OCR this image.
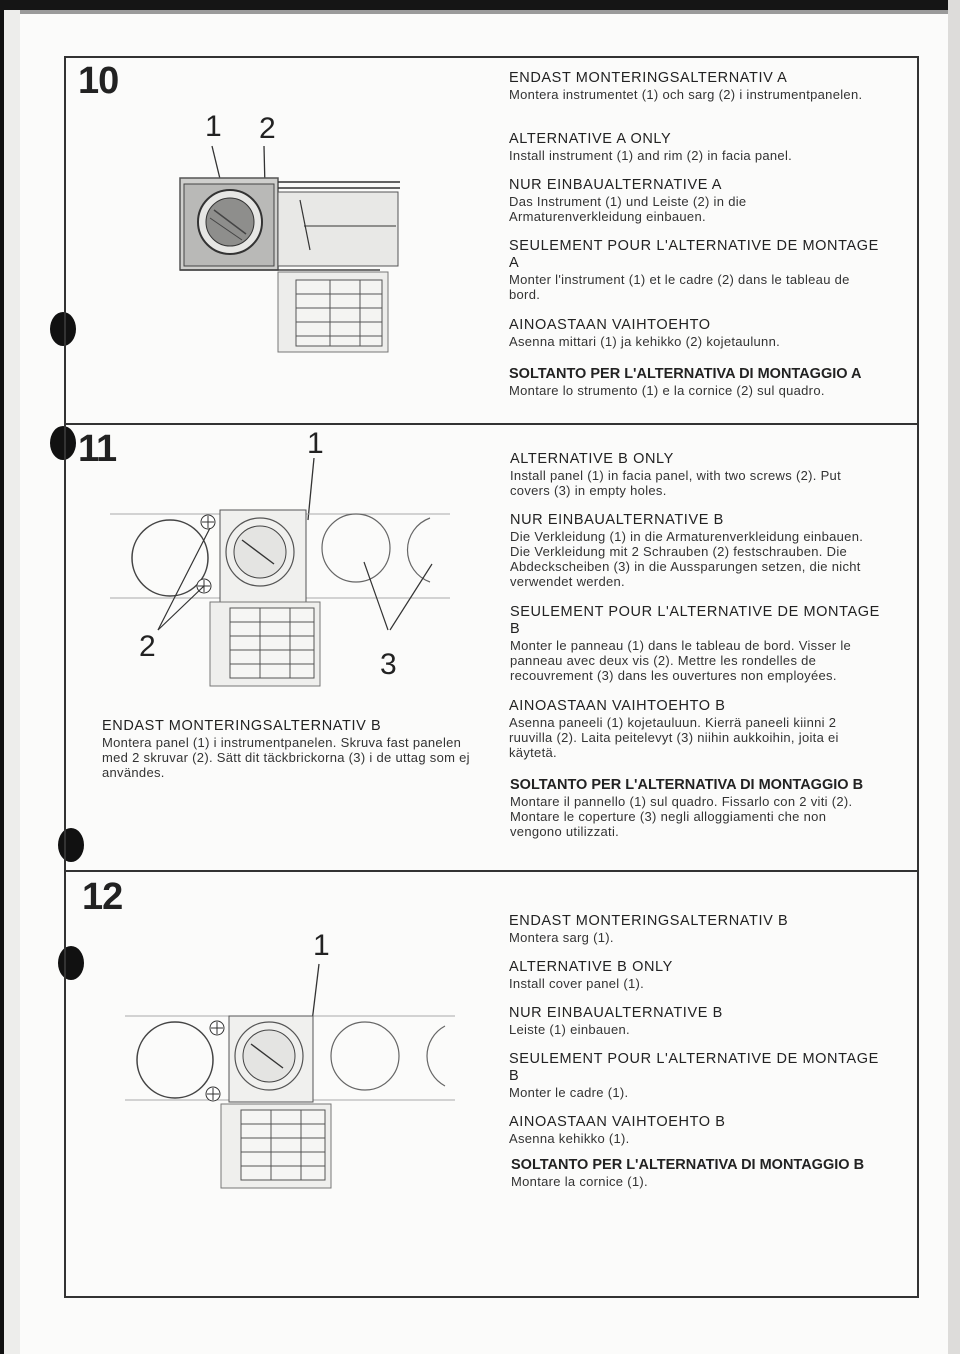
10
1 2
ENDAST MONTERINGSALTERNATIV A
Montera instrumentet (1) och sarg (2) i instrumentpanelen.
ALTERNATIVE A ONLY
Install instrument (1) and rim (2) in facia panel.
NUR EINBAUALTERNATIVE A
Das Instrument (1) und Leiste (2) in die Armaturenverkleidung einbauen.
SEULEMENT POUR L'ALTERNATIVE DE MONTAGE A
Monter l'instrument (1) et le cadre (2) dans le tableau de bord.
AINOASTAAN VAIHTOEHTO
Asenna mittari (1) ja kehikko (2) kojetaulunn.
SOLTANTO PER L'ALTERNATIVA DI MONTAGGIO A
Montare lo strumento (1) e la cornice (2) sul quadro.
11	1
2
3
ENDAST MONTERINGSALTERNATIV B
Montera panel (1) i instrumentpanelen. Skruva fast panelen med 2 skruvar (2). Sätt dit täckbrickorna (3) i de uttag som ej användes.
ALTERNATIVE B ONLY
Install panel (1) in facia panel, with two screws (2). Put covers (3) in empty holes.
NUR EINBAUALTERNATIVE B
Die Verkleidung (1) in die Armaturenverkleidung einbauen. Die Verkleidung mit 2 Schrauben (2) festschrauben. Die Abdeckscheiben (3) in die Aussparungen setzen, die nicht verwendet werden.
SEULEMENT POUR L'ALTERNATIVE DE MONTAGE B
Monter le panneau (1) dans le tableau de bord. Visser le panneau avec deux vis (2). Mettre les rondelles de recouvrement (3) dans les ouvertures non employées.
AINOASTAAN VAIHTOEHTO B
Asenna paneeli (1) kojetauluun. Kierrä paneeli kiinni 2 ruuvilla (2). Laita peitelevyt (3) niihin aukkoihin, joita ei käytetä.
SOLTANTO PER L'ALTERNATIVA DI MONTAGGIO B
Montare il pannello (1) sul quadro. Fissarlo con 2 viti (2). Montare le coperture (3) negli alloggiamenti che non vengono utilizzati.
12
1
ENDAST MONTERINGSALTERNATIV B
Montera sarg (1).
ALTERNATIVE B ONLY
Install cover panel (1).
NUR EINBAUALTERNATIVE B
Leiste (1) einbauen.
SEULEMENT POUR L'ALTERNATIVE DE MONTAGE B
Monter le cadre (1).
AINOASTAAN VAIHTOEHTO B
Asenna kehikko (1).
SOLTANTO PER L'ALTERNATIVA DI MONTAGGIO B
Montare la cornice (1).
